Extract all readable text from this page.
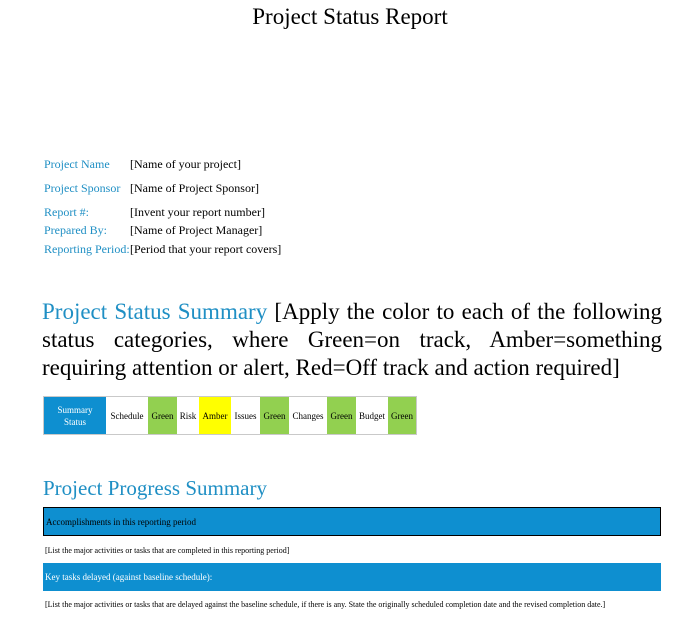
Project Status Report
Project Name [Name of your project]
Project Sponsor [Name of Project Sponsor]
Report #:	[Invent your report number]
Prepared By: [Name of Project Manager]
Reporting Period: [Period that your report covers]
Project Status Summary [Apply the color to each of the following status categories, where Green=on track, Amber=something requiring attention or alert, Red=Off track and action required]
Summary
Status
Schedule Green Risk Amber Issues Green Changes Green Budget Green
Project Progress Summary
Accomplishments in this reporting period
[List the major activities or tasks that are completed in this reporting period]
Key tasks delayed (against baseline schedule):
[List the major activities or tasks that are delayed against the baseline schedule, if there is any. State the originally scheduled completion date and the revised completion date.]
